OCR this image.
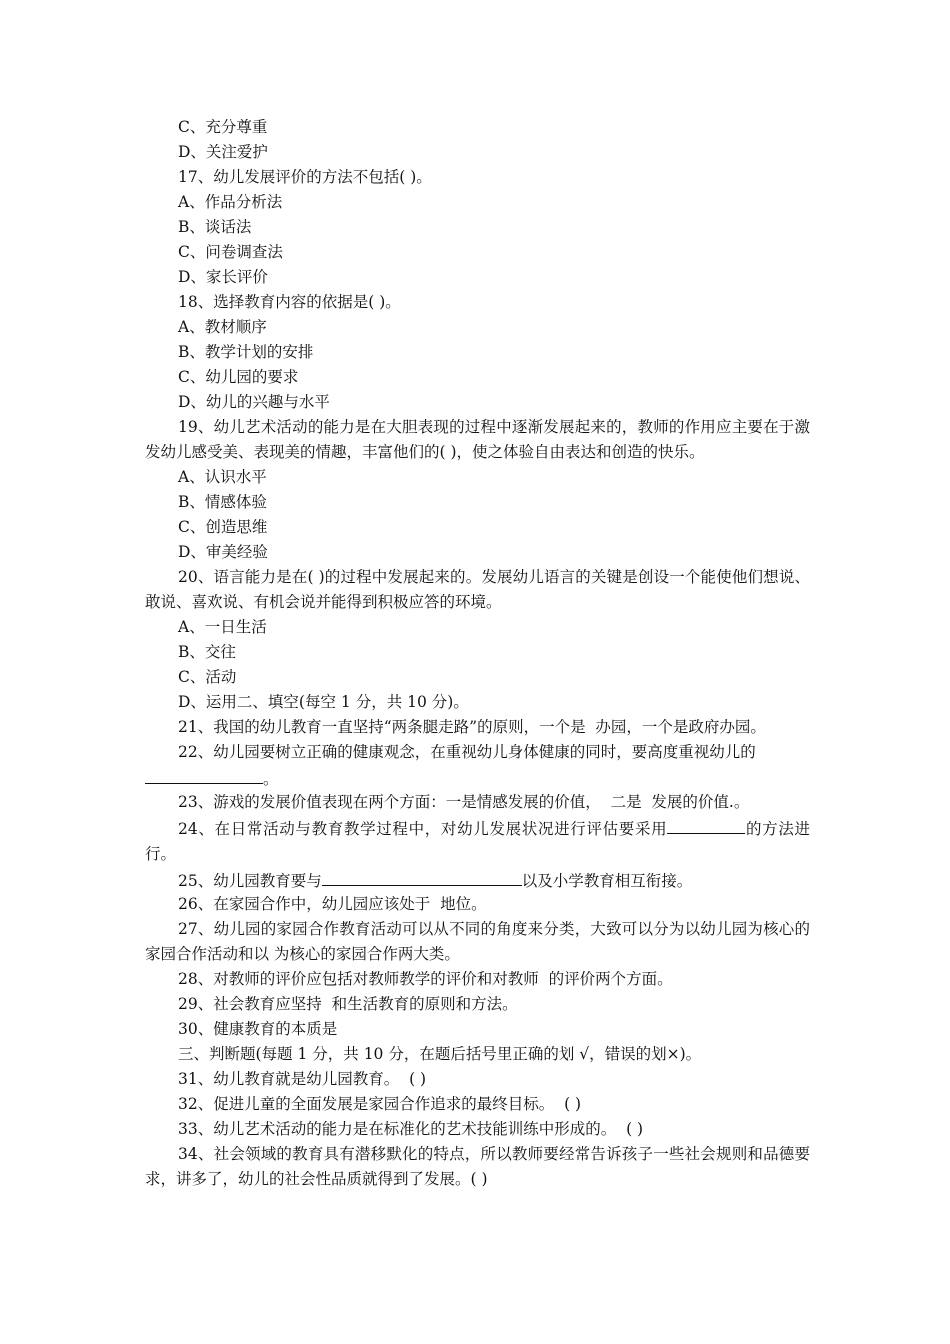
C、充分尊重
D、关注爱护
17、幼儿发展评价的方法不包括( )。
A、作品分析法
B、谈话法
C、问卷调查法
D、家长评价
18、选择教育内容的依据是( )。
A、教材顺序
B、教学计划的安排
C、幼儿园的要求
D、幼儿的兴趣与水平
19、幼儿艺术活动的能力是在大胆表现的过程中逐渐发展起来的，教师的作用应主要在于激发幼儿感受美、表现美的情趣，丰富他们的( )，使之体验自由表达和创造的快乐。
A、认识水平
B、情感体验
C、创造思维
D、审美经验
20、语言能力是在( )的过程中发展起来的。发展幼儿语言的关键是创设一个能使他们想说、敢说、喜欢说、有机会说并能得到积极应答的环境。
A、一日生活
B、交往
C、活动
D、运用二、填空(每空 1 分，共 10 分)。
21、我国的幼儿教育一直坚持“两条腿走路”的原则，一个是  办园，一个是政府办园。
22、幼儿园要树立正确的健康观念，在重视幼儿身体健康的同时，要高度重视幼儿的
。
23、游戏的发展价值表现在两个方面：一是情感发展的价值，  二是  发展的价值.。
24、在日常活动与教育教学过程中，对幼儿发展状况进行评估要采用	的方法进行。
25、幼儿园教育要与	以及小学教育相互衔接。
26、在家园合作中，幼儿园应该处于  地位。
27、幼儿园的家园合作教育活动可以从不同的角度来分类，大致可以分为以幼儿园为核心的家园合作活动和以 为核心的家园合作两大类。
28、对教师的评价应包括对教师教学的评价和对教师  的评价两个方面。
29、社会教育应坚持  和生活教育的原则和方法。
30、健康教育的本质是
三、判断题(每题 1 分，共 10 分，在题后括号里正确的划 √，错误的划×)。
31、幼儿教育就是幼儿园教育。  ( )
32、促进儿童的全面发展是家园合作追求的最终目标。  ( )
33、幼儿艺术活动的能力是在标准化的艺术技能训练中形成的。  ( )
34、社会领域的教育具有潜移默化的特点，所以教师要经常告诉孩子一些社会规则和品德要求，讲多了，幼儿的社会性品质就得到了发展。( )
